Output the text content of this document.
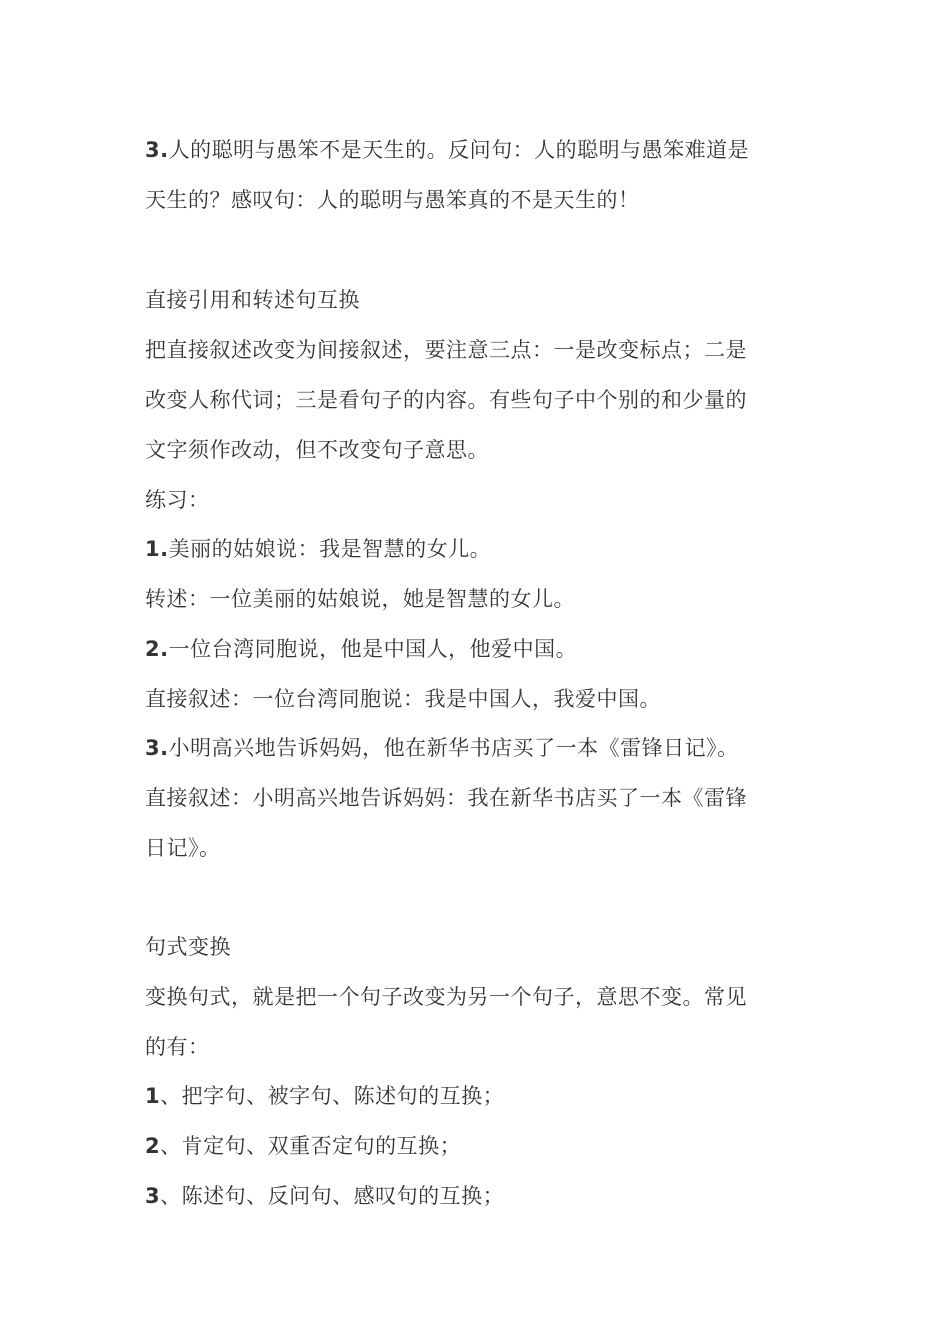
3.人的聪明与愚笨不是天生的。反问句：人的聪明与愚笨难道是
天生的？感叹句：人的聪明与愚笨真的不是天生的！
直接引用和转述句互换
把直接叙述改变为间接叙述，要注意三点：一是改变标点；二是
改变人称代词；三是看句子的内容。有些句子中个别的和少量的
文字须作改动，但不改变句子意思。
练习：
1.美丽的姑娘说：我是智慧的女儿。
转述：一位美丽的姑娘说，她是智慧的女儿。
2.一位台湾同胞说，他是中国人，他爱中国。
直接叙述：一位台湾同胞说：我是中国人，我爱中国。
3.小明高兴地告诉妈妈，他在新华书店买了一本《雷锋日记》。
直接叙述：小明高兴地告诉妈妈：我在新华书店买了一本《雷锋
日记》。
句式变换
变换句式，就是把一个句子改变为另一个句子，意思不变。常见
的有：
1、把字句、被字句、陈述句的互换；
2、肯定句、双重否定句的互换；
3、陈述句、反问句、感叹句的互换；
